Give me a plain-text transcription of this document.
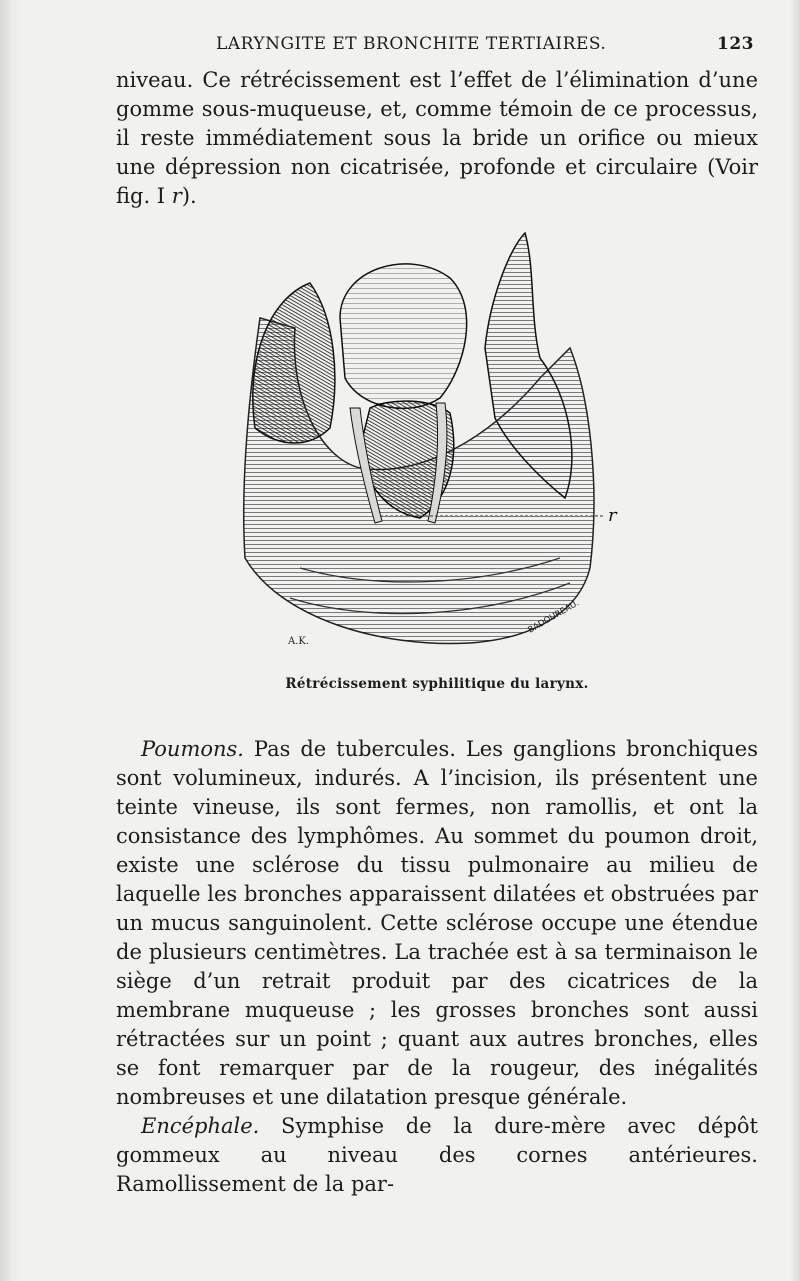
LARYNGITE ET BRONCHITE TERTIAIRES.	123

niveau. Ce rétrécissement est l’effet de l’élimination d’une gomme sous-muqueuse, et, comme témoin de ce processus, il reste immédiatement sous la bride un orifice ou mieux une dépression non cicatrisée, profonde et circulaire (Voir fig. I r).

r
A.K.
BADOUREAU.
Rétrécissement syphilitique du larynx.

Poumons. Pas de tubercules. Les ganglions bronchiques sont volumineux, indurés. A l’incision, ils présentent une teinte vineuse, ils sont fermes, non ramollis, et ont la consistance des lymphômes. Au sommet du poumon droit, existe une sclérose du tissu pulmonaire au milieu de laquelle les bronches apparaissent dilatées et obstruées par un mucus sanguinolent. Cette sclérose occupe une étendue de plusieurs centimètres. La trachée est à sa terminaison le siège d’un retrait produit par des cicatrices de la membrane muqueuse ; les grosses bronches sont aussi rétractées sur un point ; quant aux autres bronches, elles se font remarquer par de la rougeur, des inégalités nombreuses et une dilatation presque générale.

Encéphale. Symphise de la dure-mère avec dépôt gommeux au niveau des cornes antérieures. Ramollissement de la par-
